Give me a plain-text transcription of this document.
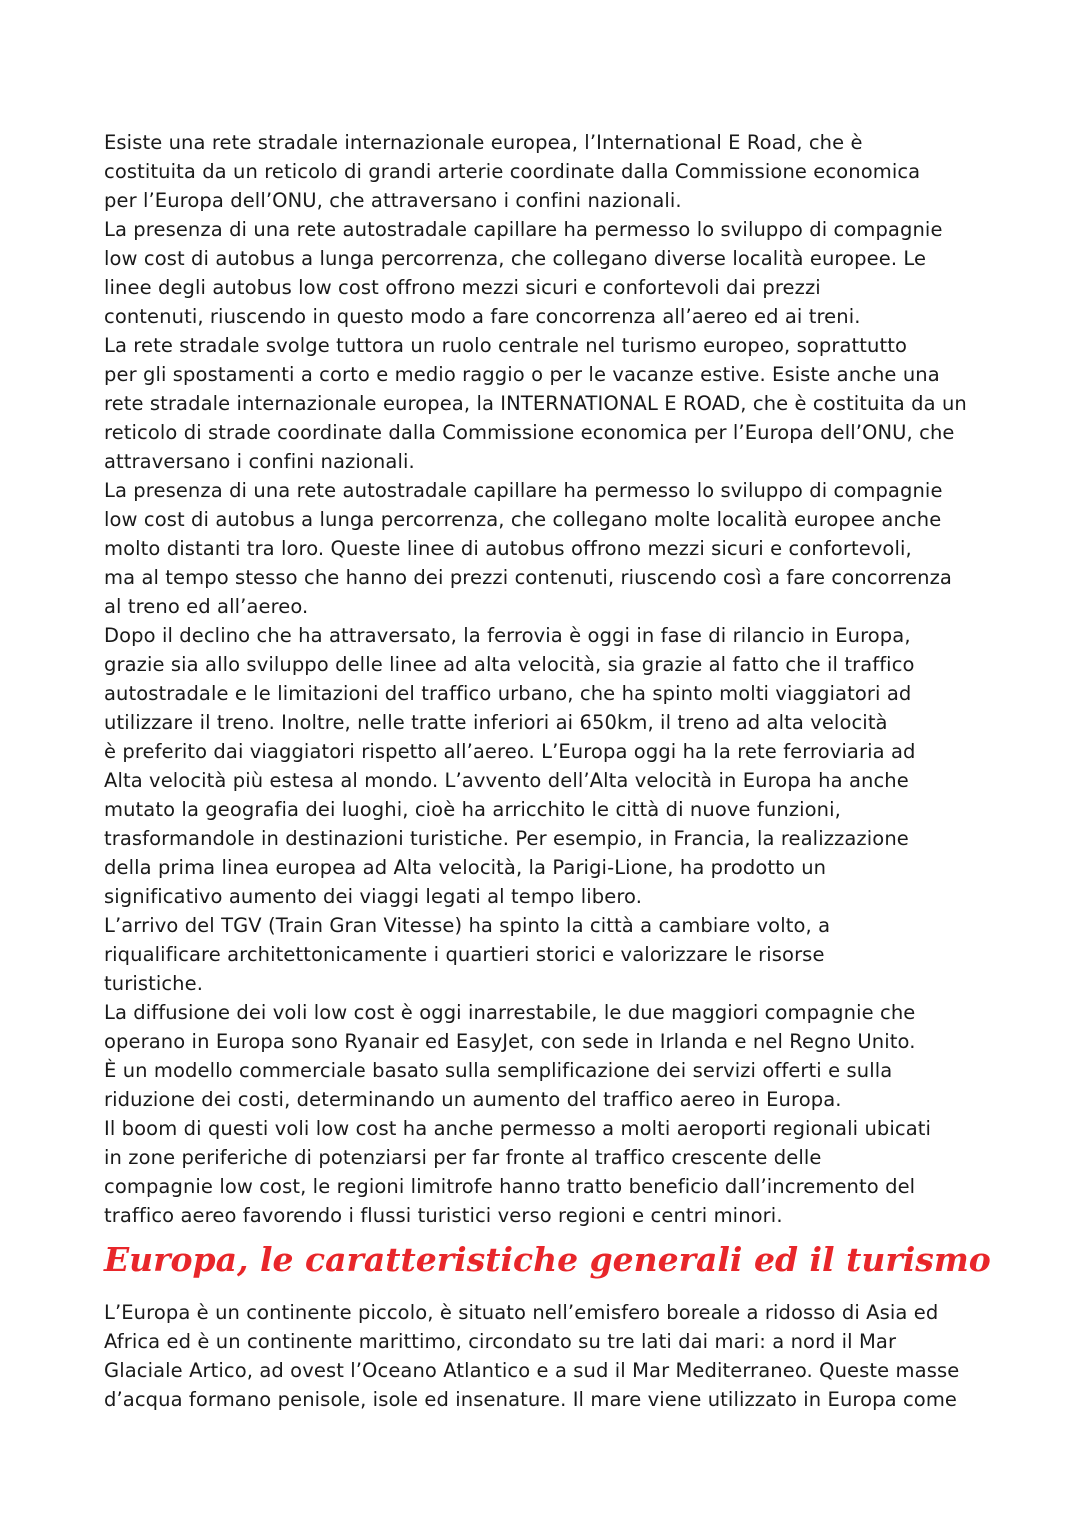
Esiste una rete stradale internazionale europea, l’International E Road, che è
costituita da un reticolo di grandi arterie coordinate dalla Commissione economica
per l’Europa dell’ONU, che attraversano i confini nazionali.
La presenza di una rete autostradale capillare ha permesso lo sviluppo di compagnie
low cost di autobus a lunga percorrenza, che collegano diverse località europee. Le
linee degli autobus low cost offrono mezzi sicuri e confortevoli dai prezzi
contenuti, riuscendo in questo modo a fare concorrenza all’aereo ed ai treni.
La rete stradale svolge tuttora un ruolo centrale nel turismo europeo, soprattutto
per gli spostamenti a corto e medio raggio o per le vacanze estive. Esiste anche una
rete stradale internazionale europea, la INTERNATIONAL E ROAD, che è costituita da un
reticolo di strade coordinate dalla Commissione economica per l’Europa dell’ONU, che
attraversano i confini nazionali.
La presenza di una rete autostradale capillare ha permesso lo sviluppo di compagnie
low cost di autobus a lunga percorrenza, che collegano molte località europee anche
molto distanti tra loro. Queste linee di autobus offrono mezzi sicuri e confortevoli,
ma al tempo stesso che hanno dei prezzi contenuti, riuscendo così a fare concorrenza
al treno ed all’aereo.
Dopo il declino che ha attraversato, la ferrovia è oggi in fase di rilancio in Europa,
grazie sia allo sviluppo delle linee ad alta velocità, sia grazie al fatto che il traffico
autostradale e le limitazioni del traffico urbano, che ha spinto molti viaggiatori ad
utilizzare il treno. Inoltre, nelle tratte inferiori ai 650km, il treno ad alta velocità
è preferito dai viaggiatori rispetto all’aereo. L’Europa oggi ha la rete ferroviaria ad
Alta velocità più estesa al mondo. L’avvento dell’Alta velocità in Europa ha anche
mutato la geografia dei luoghi, cioè ha arricchito le città di nuove funzioni,
trasformandole in destinazioni turistiche. Per esempio, in Francia, la realizzazione
della prima linea europea ad Alta velocità, la Parigi-Lione, ha prodotto un
significativo aumento dei viaggi legati al tempo libero.
L’arrivo del TGV (Train Gran Vitesse) ha spinto la città a cambiare volto, a
riqualificare architettonicamente i quartieri storici e valorizzare le risorse
turistiche.
La diffusione dei voli low cost è oggi inarrestabile, le due maggiori compagnie che
operano in Europa sono Ryanair ed EasyJet, con sede in Irlanda e nel Regno Unito.
È un modello commerciale basato sulla semplificazione dei servizi offerti e sulla
riduzione dei costi, determinando un aumento del traffico aereo in Europa.
Il boom di questi voli low cost ha anche permesso a molti aeroporti regionali ubicati
in zone periferiche di potenziarsi per far fronte al traffico crescente delle
compagnie low cost, le regioni limitrofe hanno tratto beneficio dall’incremento del
traffico aereo favorendo i flussi turistici verso regioni e centri minori.
Europa, le caratteristiche generali ed il turismo
L’Europa è un continente piccolo, è situato nell’emisfero boreale a ridosso di Asia ed
Africa ed è un continente marittimo, circondato su tre lati dai mari: a nord il Mar
Glaciale Artico, ad ovest l’Oceano Atlantico e a sud il Mar Mediterraneo. Queste masse
d’acqua formano penisole, isole ed insenature. Il mare viene utilizzato in Europa come
